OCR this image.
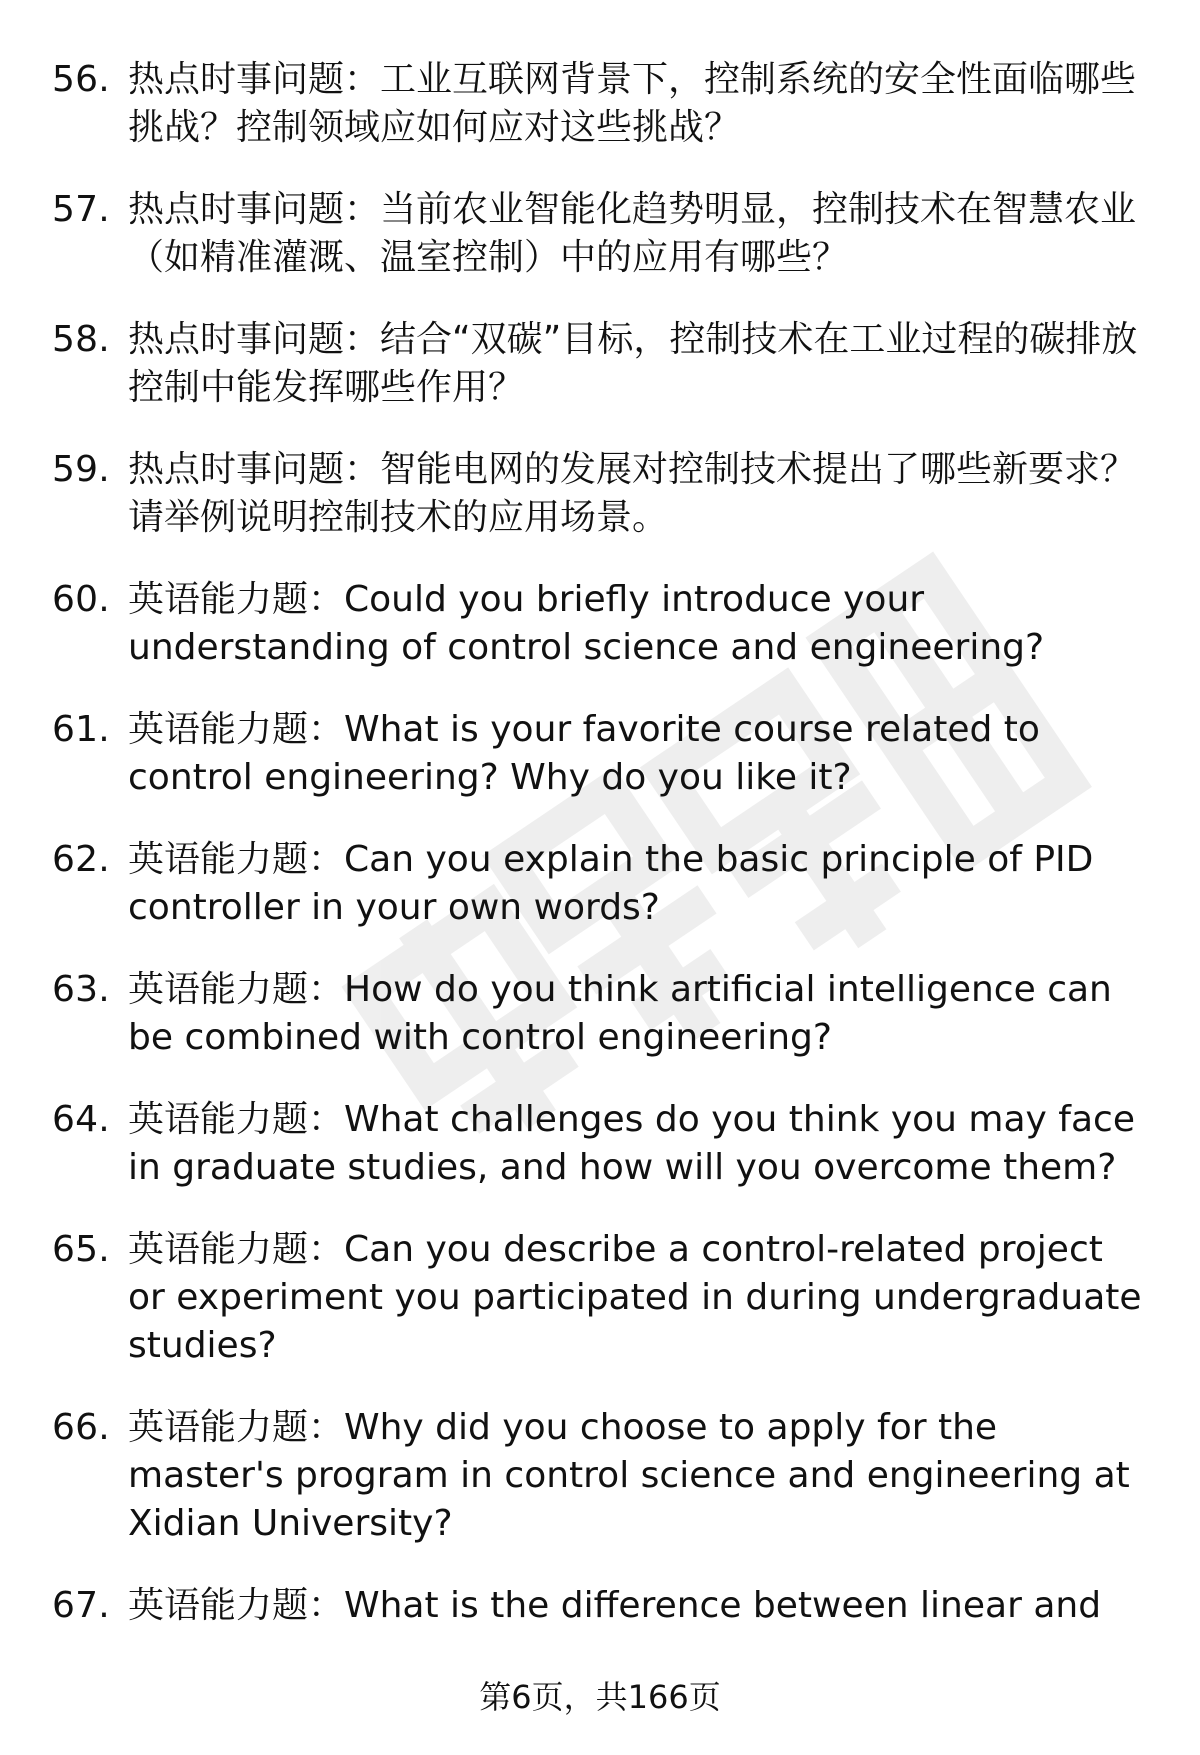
56. 热点时事问题：工业互联网背景下，控制系统的安全性面临哪些挑战？控制领域应如何应对这些挑战？
57. 热点时事问题：当前农业智能化趋势明显，控制技术在智慧农业（如精准灌溉、温室控制）中的应用有哪些？
58. 热点时事问题：结合“双碳”目标，控制技术在工业过程的碳排放控制中能发挥哪些作用？
59. 热点时事问题：智能电网的发展对控制技术提出了哪些新要求？请举例说明控制技术的应用场景。
60. 英语能力题：Could you briefly introduce your understanding of control science and engineering?
61. 英语能力题：What is your favorite course related to control engineering? Why do you like it?
62. 英语能力题：Can you explain the basic principle of PID controller in your own words?
63. 英语能力题：How do you think artificial intelligence can be combined with control engineering?
64. 英语能力题：What challenges do you think you may face in graduate studies, and how will you overcome them?
65. 英语能力题：Can you describe a control-related project or experiment you participated in during undergraduate studies?
66. 英语能力题：Why did you choose to apply for the master's program in control science and engineering at Xidian University?
67. 英语能力题：What is the difference between linear and
第6页，共166页
